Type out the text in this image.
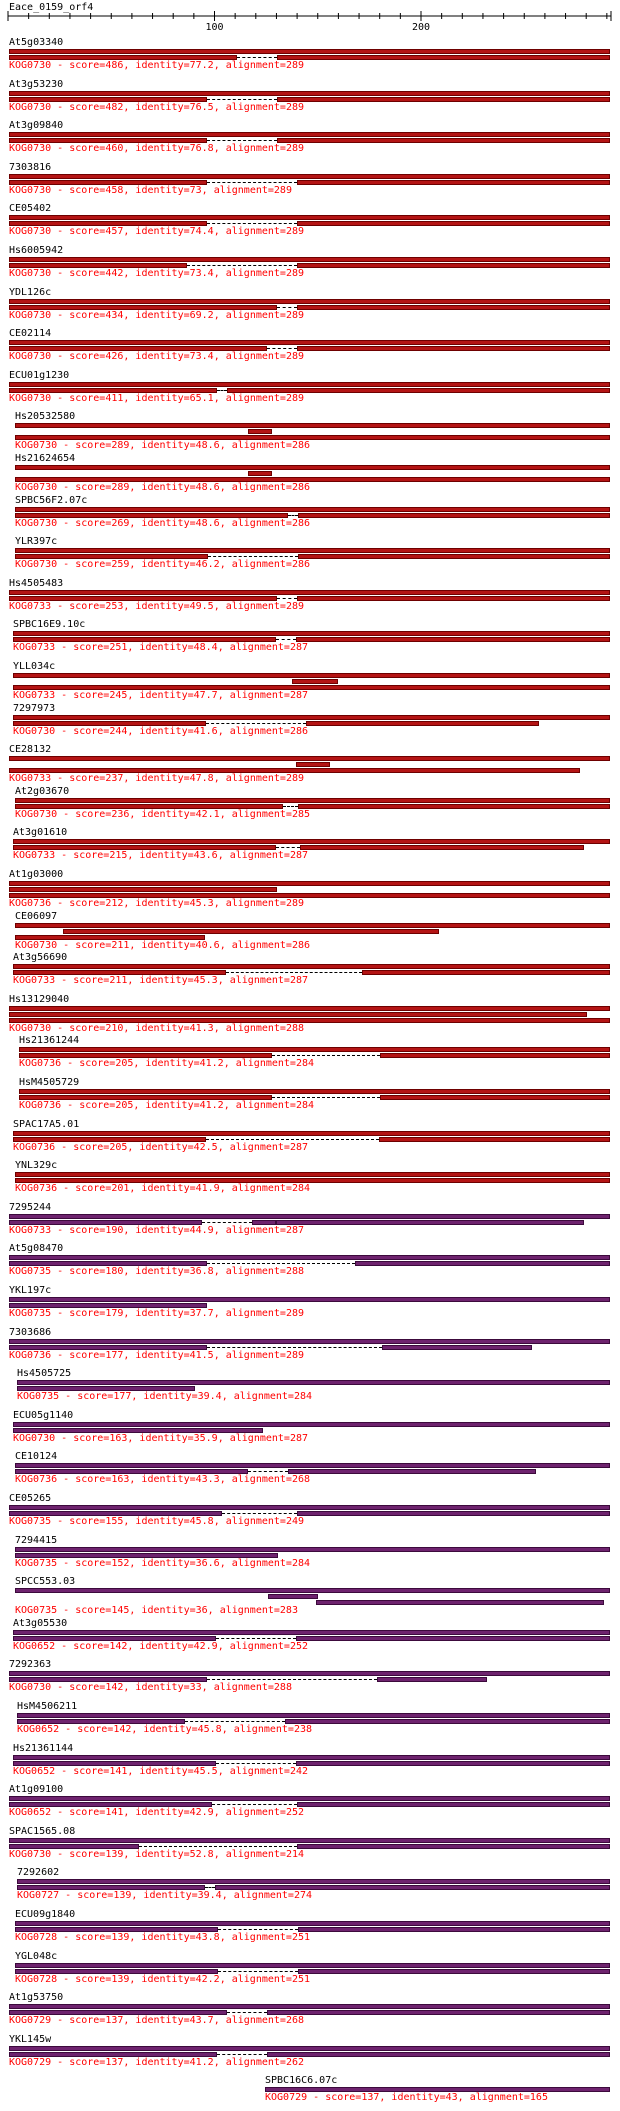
Eace_0159_orf4
100	200
At5g03340
KOG0730 - score=486, identity=77.2, alignment=289
At3g53230
KOG0730 - score=482, identity=76.5, alignment=289
At3g09840
KOG0730 - score=460, identity=76.8, alignment=289
7303816
KOG0730 - score=458, identity=73, alignment=289
CE05402
KOG0730 - score=457, identity=74.4, alignment=289
Hs6005942
KOG0730 - score=442, identity=73.4, alignment=289
YDL126c
KOG0730 - score=434, identity=69.2, alignment=289
CE02114
KOG0730 - score=426, identity=73.4, alignment=289
ECU01g1230
KOG0730 - score=411, identity=65.1, alignment=289
Hs20532580
KOG0730 - score=289, identity=48.6, alignment=286
Hs21624654
KOG0730 - score=289, identity=48.6, alignment=286
SPBC56F2.07c
KOG0730 - score=269, identity=48.6, alignment=286
YLR397c
KOG0730 - score=259, identity=46.2, alignment=286
Hs4505483
KOG0733 - score=253, identity=49.5, alignment=289
SPBC16E9.10c
KOG0733 - score=251, identity=48.4, alignment=287
YLL034c
KOG0733 - score=245, identity=47.7, alignment=287
7297973
KOG0730 - score=244, identity=41.6, alignment=286
CE28132
KOG0733 - score=237, identity=47.8, alignment=289
At2g03670
KOG0730 - score=236, identity=42.1, alignment=285
At3g01610
KOG0733 - score=215, identity=43.6, alignment=287
At1g03000
KOG0736 - score=212, identity=45.3, alignment=289
CE06097
KOG0730 - score=211, identity=40.6, alignment=286
At3g56690
KOG0733 - score=211, identity=45.3, alignment=287
Hs13129040
KOG0730 - score=210, identity=41.3, alignment=288
Hs21361244
KOG0736 - score=205, identity=41.2, alignment=284
HsM4505729
KOG0736 - score=205, identity=41.2, alignment=284
SPAC17A5.01
KOG0736 - score=205, identity=42.5, alignment=287
YNL329c
KOG0736 - score=201, identity=41.9, alignment=284
7295244
KOG0733 - score=190, identity=44.9, alignment=287
At5g08470
KOG0735 - score=180, identity=36.8, alignment=288
YKL197c
KOG0735 - score=179, identity=37.7, alignment=289
7303686
KOG0736 - score=177, identity=41.5, alignment=289
Hs4505725
KOG0735 - score=177, identity=39.4, alignment=284
ECU05g1140
KOG0730 - score=163, identity=35.9, alignment=287
CE10124
KOG0736 - score=163, identity=43.3, alignment=268
CE05265
KOG0735 - score=155, identity=45.8, alignment=249
7294415
KOG0735 - score=152, identity=36.6, alignment=284
SPCC553.03
KOG0735 - score=145, identity=36, alignment=283
At3g05530
KOG0652 - score=142, identity=42.9, alignment=252
7292363
KOG0730 - score=142, identity=33, alignment=288
HsM4506211
KOG0652 - score=142, identity=45.8, alignment=238
Hs21361144
KOG0652 - score=141, identity=45.5, alignment=242
At1g09100
KOG0652 - score=141, identity=42.9, alignment=252
SPAC1565.08
KOG0730 - score=139, identity=52.8, alignment=214
7292602
KOG0727 - score=139, identity=39.4, alignment=274
ECU09g1840
KOG0728 - score=139, identity=43.8, alignment=251
YGL048c
KOG0728 - score=139, identity=42.2, alignment=251
At1g53750
KOG0729 - score=137, identity=43.7, alignment=268
YKL145w
KOG0729 - score=137, identity=41.2, alignment=262
SPBC16C6.07c
KOG0729 - score=137, identity=43, alignment=165
